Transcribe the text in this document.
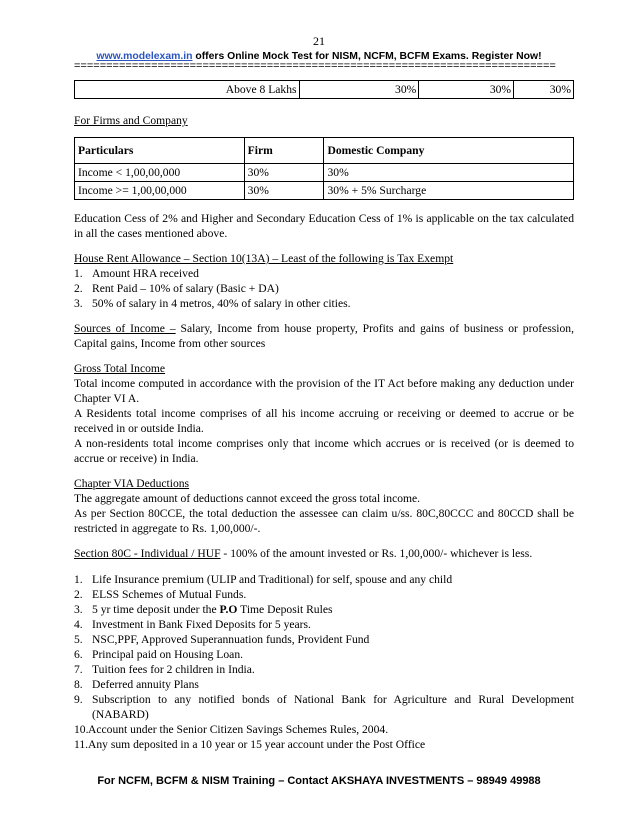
21
www.modelexam.in offers Online Mock Test for NISM, NCFM, BCFM Exams. Register Now!
===========================================================================
Above 8 Lakhs	30%	30%	30%

For Firms and Company

Particulars	Firm	Domestic Company
Income < 1,00,00,000	30%	30%
Income >= 1,00,00,000	30%	30% + 5% Surcharge

Education Cess of 2% and Higher and Secondary Education Cess of 1% is applicable on the tax calculated in all the cases mentioned above.

House Rent Allowance – Section 10(13A) – Least of the following is Tax Exempt

1. Amount HRA received
2. Rent Paid – 10% of salary (Basic + DA)
3. 50% of salary in 4 metros, 40% of salary in other cities.

Sources of Income – Salary, Income from house property, Profits and gains of business or profession, Capital gains, Income from other sources

Gross Total Income

Total income computed in accordance with the provision of the IT Act before making any deduction under Chapter VI A.

A Residents total income comprises of all his income accruing or receiving or deemed to accrue or be received in or outside India.

A non-residents total income comprises only that income which accrues or is received (or is deemed to accrue or receive) in India.

Chapter VIA Deductions

The aggregate amount of deductions cannot exceed the gross total income.

As per Section 80CCE, the total deduction the assessee can claim u/ss. 80C,80CCC and 80CCD shall be restricted in aggregate to Rs. 1,00,000/-.

Section 80C - Individual / HUF - 100% of the amount invested or Rs. 1,00,000/- whichever is less.

1. Life Insurance premium (ULIP and Traditional) for self, spouse and any child
2. ELSS Schemes of Mutual Funds.
3. 5 yr time deposit under the P.O Time Deposit Rules
4. Investment in Bank Fixed Deposits for 5 years.
5. NSC,PPF, Approved Superannuation funds, Provident Fund
6. Principal paid on Housing Loan.
7. Tuition fees for 2 children in India.
8. Deferred annuity Plans
9. Subscription to any notified bonds of National Bank for Agriculture and Rural Development (NABARD)
10. Account under the Senior Citizen Savings Schemes Rules, 2004.
11. Any sum deposited in a 10 year or 15 year account under the Post Office
For NCFM, BCFM & NISM Training – Contact AKSHAYA INVESTMENTS – 98949 49988
